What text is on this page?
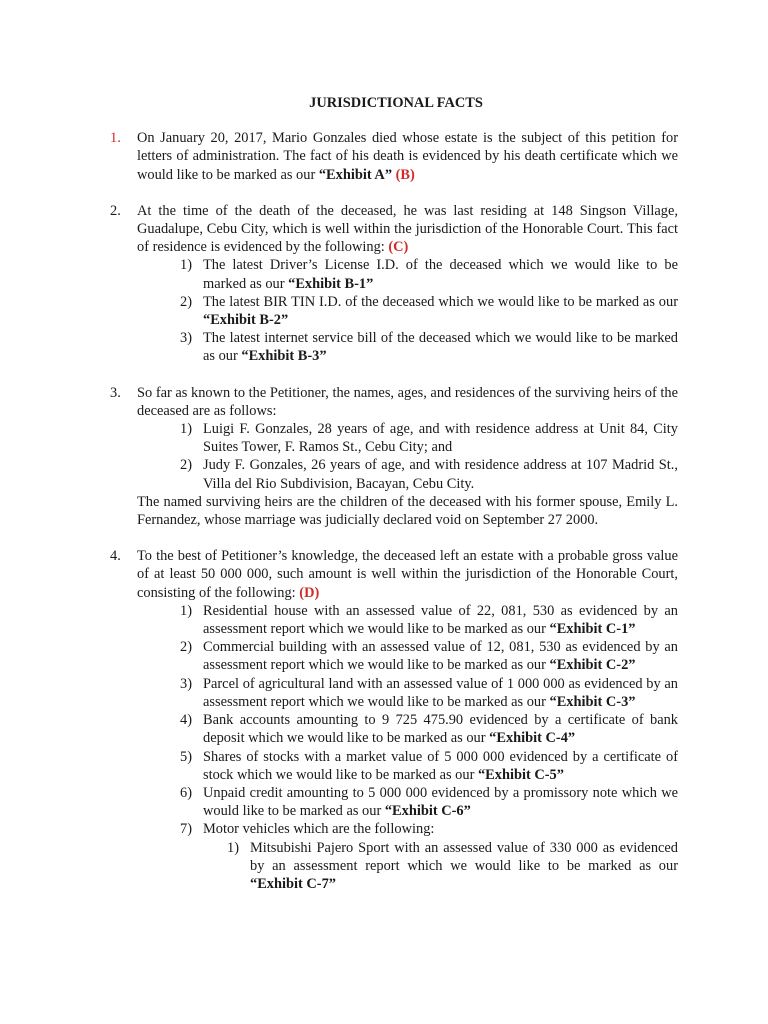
JURISDICTIONAL FACTS
1. On January 20, 2017, Mario Gonzales died whose estate is the subject of this petition for letters of administration. The fact of his death is evidenced by his death certificate which we would like to be marked as our “Exhibit A” (B)
2. At the time of the death of the deceased, he was last residing at 148 Singson Village, Guadalupe, Cebu City, which is well within the jurisdiction of the Honorable Court. This fact of residence is evidenced by the following: (C)
1) The latest Driver’s License I.D. of the deceased which we would like to be marked as our “Exhibit B-1”
2) The latest BIR TIN I.D. of the deceased which we would like to be marked as our “Exhibit B-2”
3) The latest internet service bill of the deceased which we would like to be marked as our “Exhibit B-3”
3. So far as known to the Petitioner, the names, ages, and residences of the surviving heirs of the deceased are as follows:
1) Luigi F. Gonzales, 28 years of age, and with residence address at Unit 84, City Suites Tower, F. Ramos St., Cebu City; and
2) Judy F. Gonzales, 26 years of age, and with residence address at 107 Madrid St., Villa del Rio Subdivision, Bacayan, Cebu City.
The named surviving heirs are the children of the deceased with his former spouse, Emily L. Fernandez, whose marriage was judicially declared void on September 27 2000.
4. To the best of Petitioner’s knowledge, the deceased left an estate with a probable gross value of at least 50 000 000, such amount is well within the jurisdiction of the Honorable Court, consisting of the following: (D)
1) Residential house with an assessed value of 22, 081, 530 as evidenced by an assessment report which we would like to be marked as our “Exhibit C-1”
2) Commercial building with an assessed value of 12, 081, 530 as evidenced by an assessment report which we would like to be marked as our “Exhibit C-2”
3) Parcel of agricultural land with an assessed value of 1 000 000 as evidenced by an assessment report which we would like to be marked as our “Exhibit C-3”
4) Bank accounts amounting to 9 725 475.90 evidenced by a certificate of bank deposit which we would like to be marked as our “Exhibit C-4”
5) Shares of stocks with a market value of 5 000 000 evidenced by a certificate of stock which we would like to be marked as our “Exhibit C-5”
6) Unpaid credit amounting to 5 000 000 evidenced by a promissory note which we would like to be marked as our “Exhibit C-6”
7) Motor vehicles which are the following:
1) Mitsubishi Pajero Sport with an assessed value of 330 000 as evidenced by an assessment report which we would like to be marked as our “Exhibit C-7”
